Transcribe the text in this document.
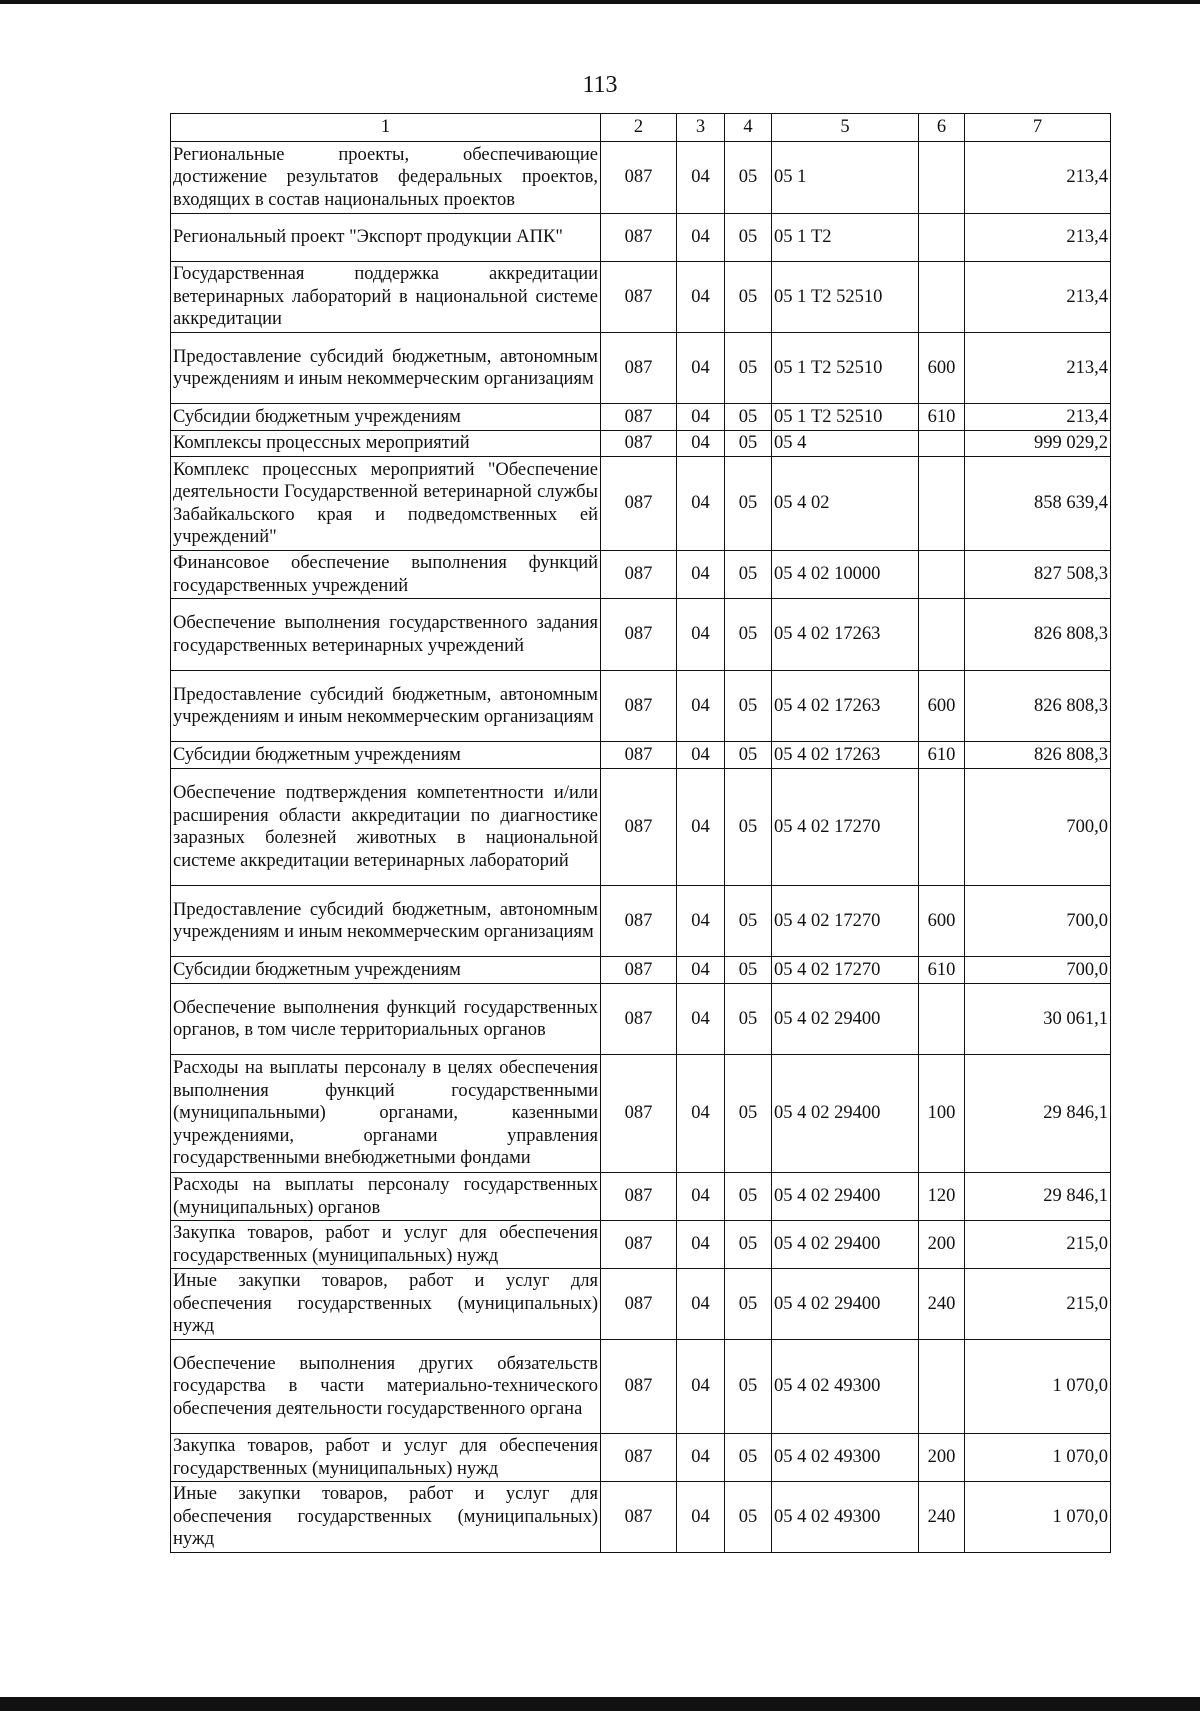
113
1	2	3	4	5	6	7
Региональные проекты, обеспечивающие достижение результатов федеральных проектов, входящих в состав национальных проектов	087	04	05	05 1		213,4
Региональный проект "Экспорт продукции АПК"	087	04	05	05 1 Т2		213,4
Государственная поддержка аккредитации ветеринарных лабораторий в национальной системе аккредитации	087	04	05	05 1 Т2 52510		213,4
Предоставление субсидий бюджетным, автономным учреждениям и иным некоммерческим организациям	087	04	05	05 1 Т2 52510	600	213,4
Субсидии бюджетным учреждениям	087	04	05	05 1 Т2 52510	610	213,4
Комплексы процессных мероприятий	087	04	05	05 4		999 029,2
Комплекс процессных мероприятий "Обеспечение деятельности Государственной ветеринарной службы Забайкальского края и подведомственных ей учреждений"	087	04	05	05 4 02		858 639,4
Финансовое обеспечение выполнения функций государственных учреждений	087	04	05	05 4 02 10000		827 508,3
Обеспечение выполнения государственного задания государственных ветеринарных учреждений	087	04	05	05 4 02 17263		826 808,3
Предоставление субсидий бюджетным, автономным учреждениям и иным некоммерческим организациям	087	04	05	05 4 02 17263	600	826 808,3
Субсидии бюджетным учреждениям	087	04	05	05 4 02 17263	610	826 808,3
Обеспечение подтверждения компетентности и/или расширения области аккредитации по диагностике заразных болезней животных в национальной системе аккредитации ветеринарных лабораторий	087	04	05	05 4 02 17270		700,0
Предоставление субсидий бюджетным, автономным учреждениям и иным некоммерческим организациям	087	04	05	05 4 02 17270	600	700,0
Субсидии бюджетным учреждениям	087	04	05	05 4 02 17270	610	700,0
Обеспечение выполнения функций государственных органов, в том числе территориальных органов	087	04	05	05 4 02 29400		30 061,1
Расходы на выплаты персоналу в целях обеспечения выполнения функций государственными (муниципальными) органами, казенными учреждениями, органами управления государственными внебюджетными фондами	087	04	05	05 4 02 29400	100	29 846,1
Расходы на выплаты персоналу государственных (муниципальных) органов	087	04	05	05 4 02 29400	120	29 846,1
Закупка товаров, работ и услуг для обеспечения государственных (муниципальных) нужд	087	04	05	05 4 02 29400	200	215,0
Иные закупки товаров, работ и услуг для обеспечения государственных (муниципальных) нужд	087	04	05	05 4 02 29400	240	215,0
Обеспечение выполнения других обязательств государства в части материально-технического обеспечения деятельности государственного органа	087	04	05	05 4 02 49300		1 070,0
Закупка товаров, работ и услуг для обеспечения государственных (муниципальных) нужд	087	04	05	05 4 02 49300	200	1 070,0
Иные закупки товаров, работ и услуг для обеспечения государственных (муниципальных) нужд	087	04	05	05 4 02 49300	240	1 070,0
